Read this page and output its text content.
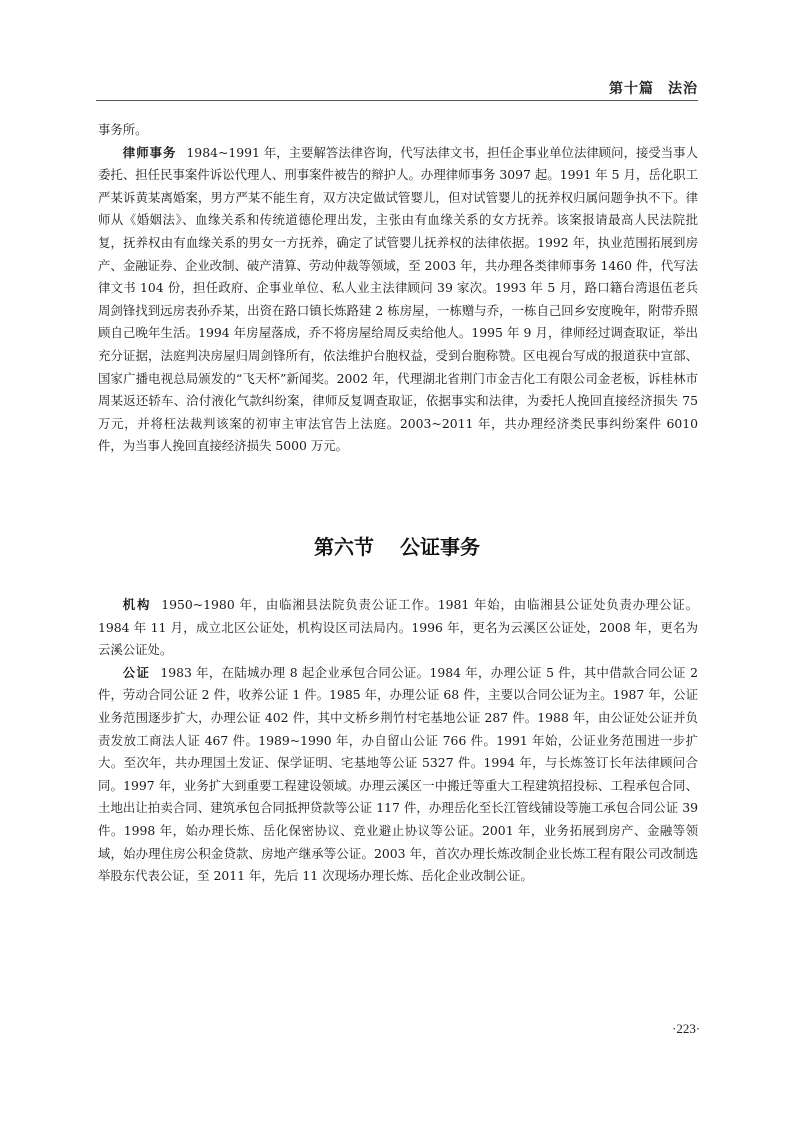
第十篇 法治

事务所。

律师事务 1984~1991 年，主要解答法律咨询，代写法律文书，担任企事业单位法律顾问，接受当事人委托、担任民事案件诉讼代理人、刑事案件被告的辩护人。办理律师事务 3097 起。1991 年 5 月，岳化职工严某诉黄某离婚案，男方严某不能生育，双方决定做试管婴儿，但对试管婴儿的抚养权归属问题争执不下。律师从《婚姻法》、血缘关系和传统道德伦理出发，主张由有血缘关系的女方抚养。该案报请最高人民法院批复，抚养权由有血缘关系的男女一方抚养，确定了试管婴儿抚养权的法律依据。1992 年，执业范围拓展到房产、金融证券、企业改制、破产清算、劳动仲裁等领域，至 2003 年，共办理各类律师事务 1460 件，代写法律文书 104 份，担任政府、企事业单位、私人业主法律顾问 39 家次。1993 年 5 月，路口籍台湾退伍老兵周剑锋找到远房表孙乔某，出资在路口镇长炼路建 2 栋房屋，一栋赠与乔，一栋自己回乡安度晚年，附带乔照顾自己晚年生活。1994 年房屋落成，乔不将房屋给周反卖给他人。1995 年 9 月，律师经过调查取证，举出充分证据，法庭判决房屋归周剑锋所有，依法维护台胞权益，受到台胞称赞。区电视台写成的报道获中宣部、国家广播电视总局颁发的“飞天杯”新闻奖。2002 年，代理湖北省荆门市金吉化工有限公司金老板，诉桂林市周某返还轿车、洽付液化气款纠纷案，律师反复调查取证，依据事实和法律，为委托人挽回直接经济损失 75 万元，并将枉法裁判该案的初审主审法官告上法庭。2003~2011 年，共办理经济类民事纠纷案件 6010 件，为当事人挽回直接经济损失 5000 万元。

第六节 公证事务

机构 1950~1980 年，由临湘县法院负责公证工作。1981 年始，由临湘县公证处负责办理公证。1984 年 11 月，成立北区公证处，机构设区司法局内。1996 年，更名为云溪区公证处，2008 年，更名为云溪公证处。

公证 1983 年，在陆城办理 8 起企业承包合同公证。1984 年，办理公证 5 件，其中借款合同公证 2 件，劳动合同公证 2 件，收养公证 1 件。1985 年，办理公证 68 件，主要以合同公证为主。1987 年，公证业务范围逐步扩大，办理公证 402 件，其中文桥乡荆竹村宅基地公证 287 件。1988 年，由公证处公证并负责发放工商法人证 467 件。1989~1990 年，办自留山公证 766 件。1991 年始，公证业务范围进一步扩大。至次年，共办理国土发证、保学证明、宅基地等公证 5327 件。1994 年，与长炼签订长年法律顾问合同。1997 年，业务扩大到重要工程建设领域。办理云溪区一中搬迁等重大工程建筑招投标、工程承包合同、土地出让拍卖合同、建筑承包合同抵押贷款等公证 117 件，办理岳化至长江管线铺设等施工承包合同公证 39 件。1998 年，始办理长炼、岳化保密协议、竞业避止协议等公证。2001 年，业务拓展到房产、金融等领域，始办理住房公积金贷款、房地产继承等公证。2003 年，首次办理长炼改制企业长炼工程有限公司改制选举股东代表公证，至 2011 年，先后 11 次现场办理长炼、岳化企业改制公证。

·223·
